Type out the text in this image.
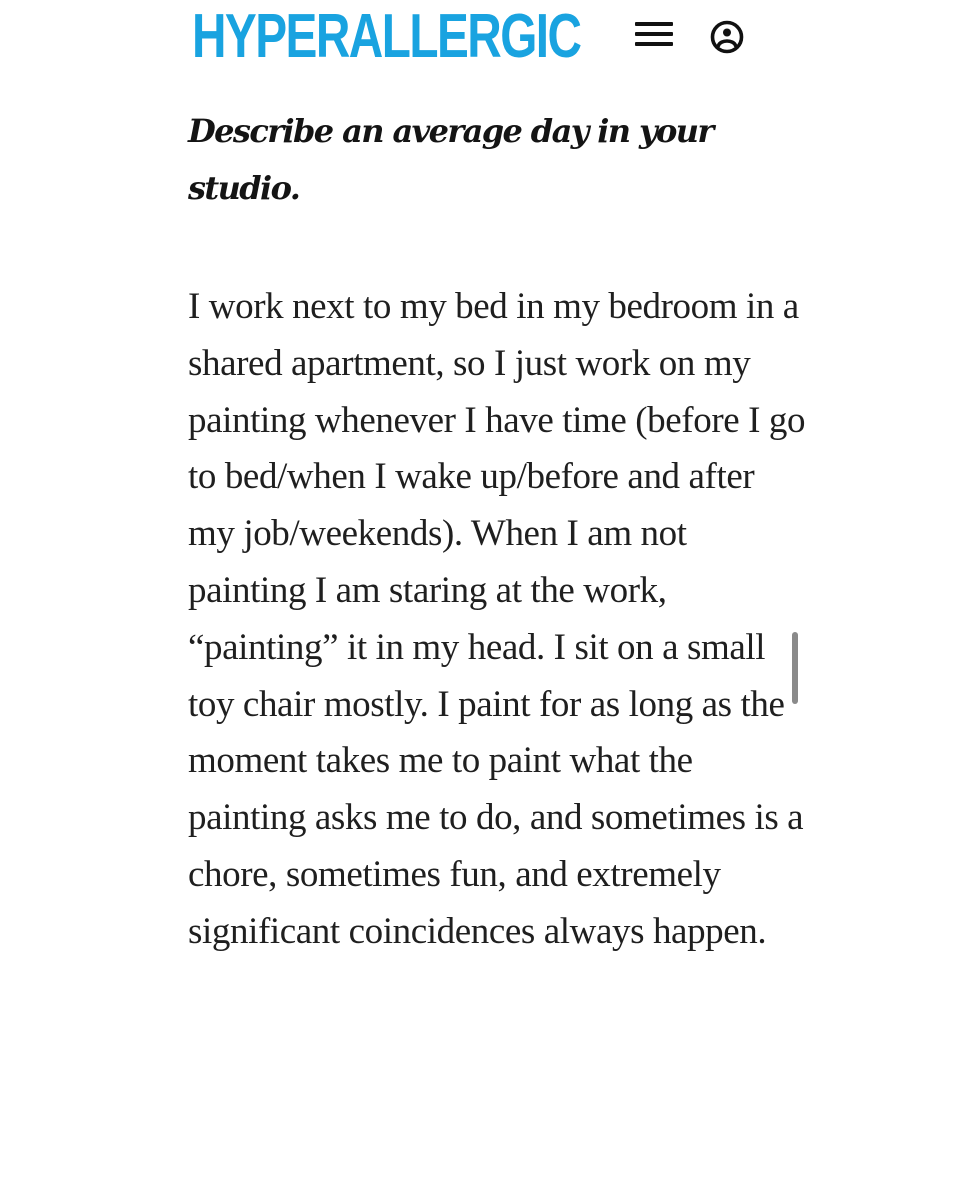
HYPERALLERGIC
Describe an average day in your studio.

I work next to my bed in my bedroom in a shared apartment, so I just work on my painting whenever I have time (before I go to bed/when I wake up/before and after my job/weekends). When I am not painting I am staring at the work, “painting” it in my head. I sit on a small toy chair mostly. I paint for as long as the moment takes me to paint what the painting asks me to do, and sometimes is a chore, sometimes fun, and extremely significant coincidences always happen.
